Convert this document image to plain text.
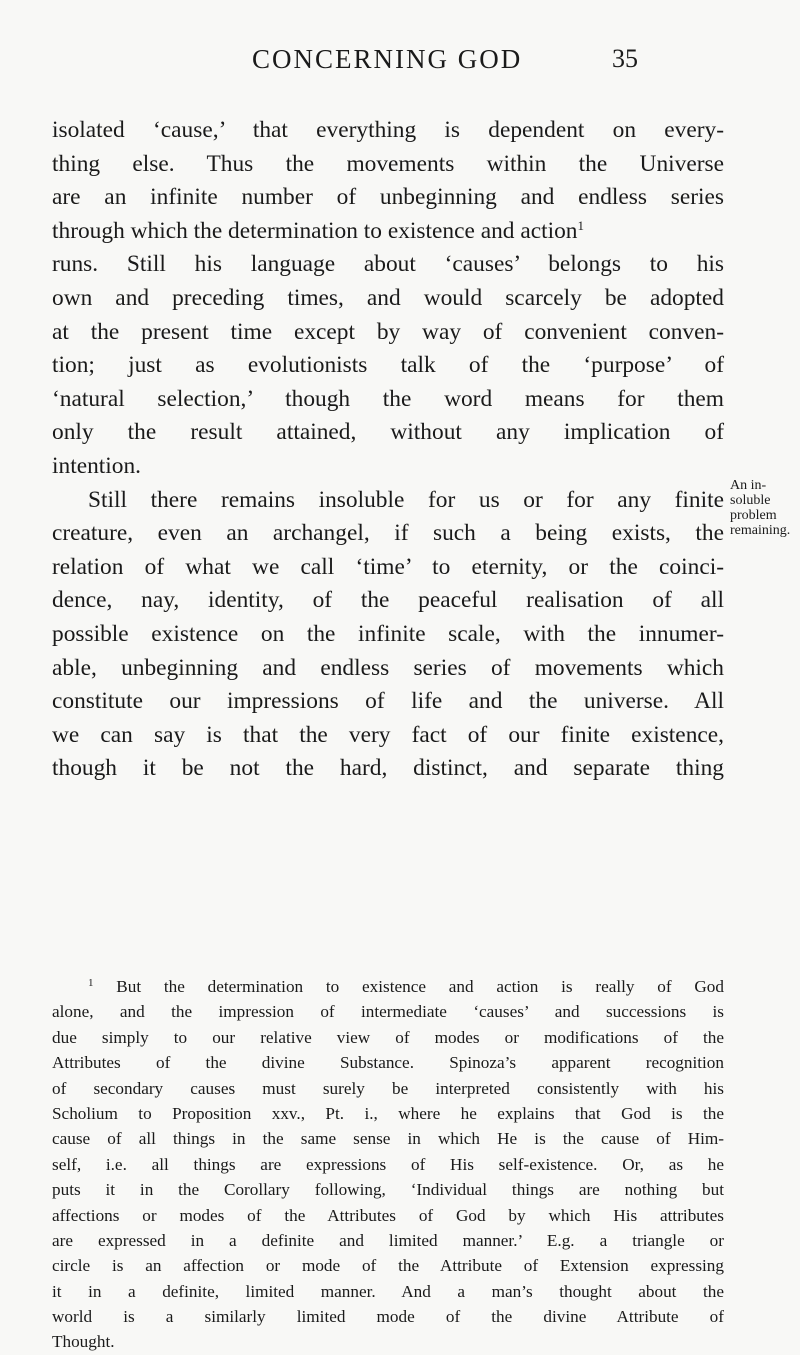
CONCERNING GOD	35
isolated ‘cause,’ that everything is dependent on every-
thing else. Thus the movements within the Universe
are an infinite number of unbeginning and endless series
through which the determination to existence and action$^1$
runs. Still his language about ‘causes’ belongs to his
own and preceding times, and would scarcely be adopted
at the present time except by way of convenient conven-
tion; just as evolutionists talk of the ‘purpose’ of
‘natural selection,’ though the word means for them
only the result attained, without any implication of
intention.
Still there remains insoluble for us or for any finite
creature, even an archangel, if such a being exists, the
relation of what we call ‘time’ to eternity, or the coinci-
dence, nay, identity, of the peaceful realisation of all
possible existence on the infinite scale, with the innumer-
able, unbeginning and endless series of movements which
constitute our impressions of life and the universe. All
we can say is that the very fact of our finite existence,
though it be not the hard, distinct, and separate thing
An in-
soluble
problem
remaining.
$^1$ But the determination to existence and action is really of God
alone, and the impression of intermediate ‘causes’ and successions is
due simply to our relative view of modes or modifications of the
Attributes of the divine Substance. Spinoza’s apparent recognition
of secondary causes must surely be interpreted consistently with his
Scholium to Proposition xxv., Pt. i., where he explains that God is the
cause of all things in the same sense in which He is the cause of Him-
self, i.e. all things are expressions of His self-existence. Or, as he
puts it in the Corollary following, ‘Individual things are nothing but
affections or modes of the Attributes of God by which His attributes
are expressed in a definite and limited manner.’ E.g. a triangle or
circle is an affection or mode of the Attribute of Extension expressing
it in a definite, limited manner. And a man’s thought about the
world is a similarly limited mode of the divine Attribute of
Thought.
